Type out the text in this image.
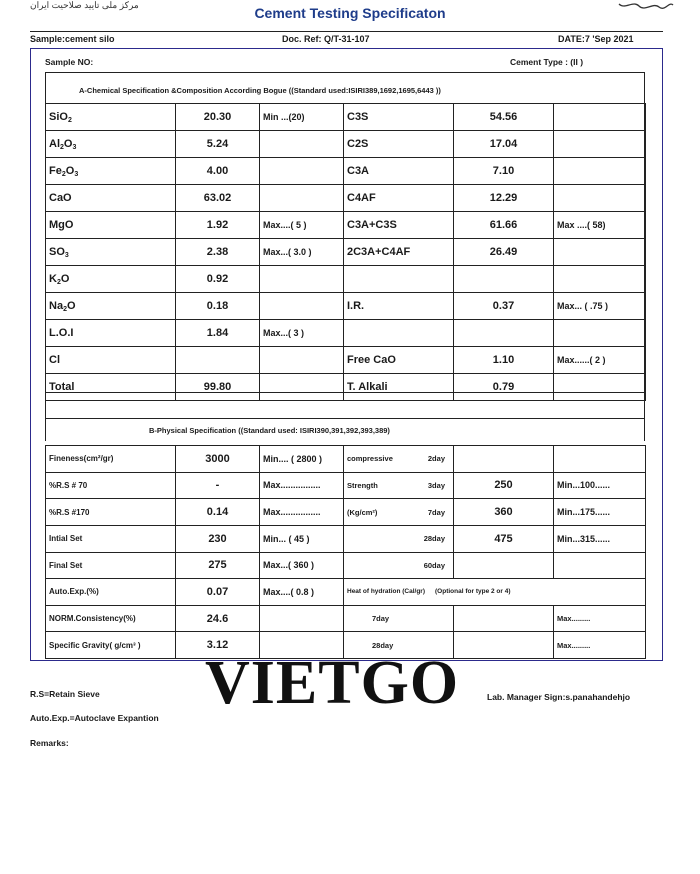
مرکز ملی تایید صلاحیت ایران	Cement Testing Specificaton
Sample:cement silo	Doc. Ref: Q/T-31-107	DATE:7 'Sep 2021
Sample NO:	Cement Type : (II )
A-Chemical Specification &Composition According Bogue ((Standard used:ISIRI389,1692,1695,6443 ))
SiO$_2$	20.30	Min ...(20)	C3S	54.56	
$Al_2O_3$	5.24		C2S	17.04	
$Fe_2O_3$	4.00		C3A	7.10	
CaO	63.02		C4AF	12.29	
MgO	1.92	Max....( 5 )	C3A+C3S	61.66	Max ....( 58)
$SO_3$	2.38	Max...( 3.0 )	2C3A+C4AF	26.49	
$K_2O$	0.92				
$Na_2O$	0.18		I.R.	0.37	Max... ( .75 )
L.O.I	1.84	Max...( 3 )			
Cl			Free CaO	1.10	Max......( 2 )
Total	99.80		T. Alkali	0.79	
B-Physical Specification ((Standard used: ISIRI390,391,392,393,389)
Fineness(cm²/gr)	3000	Min.... ( 2800 )	compressive 2day		

%R.S # 70	-	Max................	Strength 3day	250	Min...100......
%R.S #170	0.14	Max................	(Kg/cm²) 7day	360	Min...175......
Intial Set	230	Min... ( 45 )	28day	475	Min...315......
Final Set	275	Max...( 360 )	60day		

Auto.Exp.(%)	0.07	Max....( 0.8 )	Heat of hydration (Cal/gr) (Optional for type 2 or 4)		
NORM.Consistency(%)	24.6		7day		Max.........
Specific Gravity( g/cm³ )	3.12		28day		Max.........
VIETGO
R.S=Retain Sieve
Auto.Exp.=Autoclave Expantion
Remarks:
Lab. Manager Sign:s.panahandehjo
